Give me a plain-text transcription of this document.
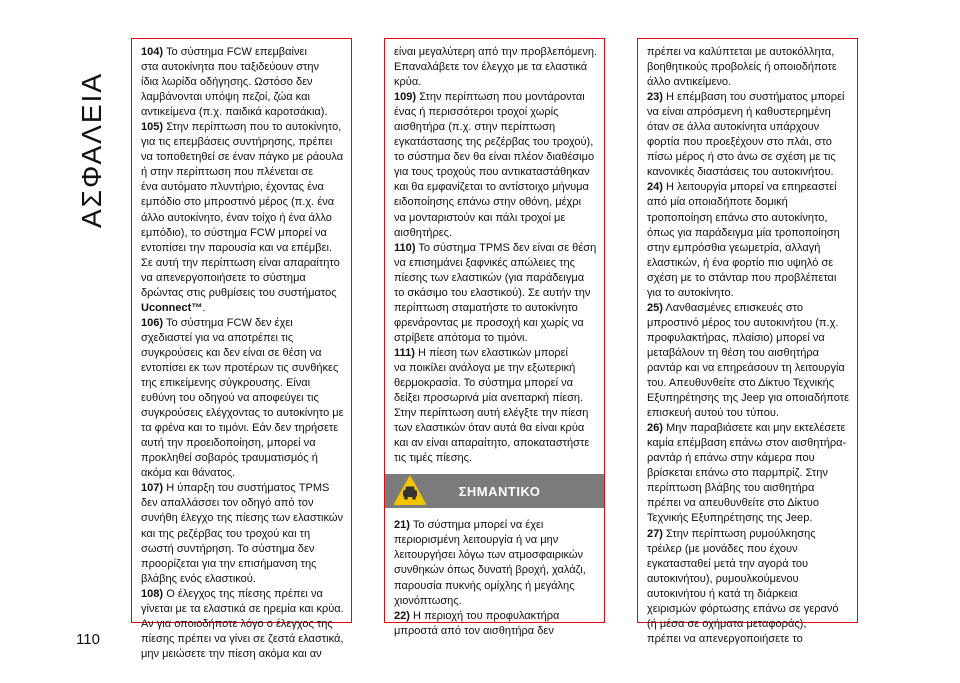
ΑΣΦΑΛΕΙΑ

104) Το σύστημα FCW επεμβαίνει

στα αυτοκίνητα που ταξιδεύουν στην

ίδια λωρίδα οδήγησης. Ωστόσο δεν

λαμβάνονται υπόψη πεζοί, ζώα και

αντικείμενα (π.χ. παιδικά καροτσάκια).

105) Στην περίπτωση που το αυτοκίνητο,

για τις επεμβάσεις συντήρησης, πρέπει

να τοποθετηθεί σε έναν πάγκο με ράουλα

ή στην περίπτωση που πλένεται σε

ένα αυτόματο πλυντήριο, έχοντας ένα

εμπόδιο στο μπροστινό μέρος (π.χ. ένα

άλλο αυτοκίνητο, έναν τοίχο ή ένα άλλο

εμπόδιο), το σύστημα FCW μπορεί να

εντοπίσει την παρουσία και να επέμβει.

Σε αυτή την περίπτωση είναι απαραίτητο

να απενεργοποιήσετε το σύστημα

δρώντας στις ρυθμίσεις του συστήματος

Uconnect™.

106) Το σύστημα FCW δεν έχει

σχεδιαστεί για να αποτρέπει τις

συγκρούσεις και δεν είναι σε θέση να

εντοπίσει εκ των προτέρων τις συνθήκες

της επικείμενης σύγκρουσης. Είναι

ευθύνη του οδηγού να αποφεύγει τις

συγκρούσεις ελέγχοντας το αυτοκίνητο με

τα φρένα και το τιμόνι. Εάν δεν τηρήσετε

αυτή την προειδοποίηση, μπορεί να

προκληθεί σοβαρός τραυματισμός ή

ακόμα και θάνατος.

107) Η ύπαρξη του συστήματος TPMS

δεν απαλλάσσει τον οδηγό από τον

συνήθη έλεγχο της πίεσης των ελαστικών

και της ρεζέρβας του τροχού και τη

σωστή συντήρηση. Το σύστημα δεν

προορίζεται για την επισήμανση της

βλάβης ενός ελαστικού.

108) Ο έλεγχος της πίεσης πρέπει να

γίνεται με τα ελαστικά σε ηρεμία και κρύα.

Αν για οποιοδήποτε λόγο ο έλεγχος της

πίεσης πρέπει να γίνει σε ζεστά ελαστικά,

μην μειώσετε την πίεση ακόμα και αν

είναι μεγαλύτερη από την προβλεπόμενη.

Επαναλάβετε τον έλεγχο με τα ελαστικά

κρύα.

109) Στην περίπτωση που μοντάρονται

ένας ή περισσότεροι τροχοί χωρίς

αισθητήρα (π.χ. στην περίπτωση

εγκατάστασης της ρεζέρβας του τροχού),

το σύστημα δεν θα είναι πλέον διαθέσιμο

για τους τροχούς που αντικαταστάθηκαν

και θα εμφανίζεται το αντίστοιχο μήνυμα

ειδοποίησης επάνω στην οθόνη, μέχρι

να μονταριστούν και πάλι τροχοί με

αισθητήρες.

110) Το σύστημα TPMS δεν είναι σε θέση

να επισημάνει ξαφνικές απώλειες της

πίεσης των ελαστικών (για παράδειγμα

το σκάσιμο του ελαστικού). Σε αυτήν την

περίπτωση σταματήστε το αυτοκίνητο

φρενάροντας με προσοχή και χωρίς να

στρίβετε απότομα το τιμόνι.

111) Η πίεση των ελαστικών μπορεί

να ποικίλει ανάλογα με την εξωτερική

θερμοκρασία. Το σύστημα μπορεί να

δείξει προσωρινά μία ανεπαρκή πίεση.

Στην περίπτωση αυτή ελέγξτε την πίεση

των ελαστικών όταν αυτά θα είναι κρύα

και αν είναι απαραίτητο, αποκαταστήστε

τις τιμές πίεσης.

ΣΗΜΑΝΤΙΚΟ

21) Το σύστημα μπορεί να έχει

περιορισμένη λειτουργία ή να μην

λειτουργήσει λόγω των ατμοσφαιρικών

συνθηκών όπως δυνατή βροχή, χαλάζι,

παρουσία πυκνής ομίχλης ή μεγάλης

χιονόπτωσης.

22) Η περιοχή του προφυλακτήρα

μπροστά από τον αισθητήρα δεν

πρέπει να καλύπτεται με αυτοκόλλητα,

βοηθητικούς προβολείς ή οποιοδήποτε

άλλο αντικείμενο.

23) Η επέμβαση του συστήματος μπορεί

να είναι απρόσμενη ή καθυστερημένη

όταν σε άλλα αυτοκίνητα υπάρχουν

φορτία που προεξέχουν στο πλάι, στο

πίσω μέρος ή στο άνω σε σχέση με τις

κανονικές διαστάσεις του αυτοκινήτου.

24) Η λειτουργία μπορεί να επηρεαστεί

από μία οποιαδήποτε δομική

τροποποίηση επάνω στο αυτοκίνητο,

όπως για παράδειγμα μία τροποποίηση

στην εμπρόσθια γεωμετρία, αλλαγή

ελαστικών, ή ένα φορτίο πιο υψηλό σε

σχέση με το στάνταρ που προβλέπεται

για το αυτοκίνητο.

25) Λανθασμένες επισκευές στο

μπροστινό μέρος του αυτοκινήτου (π.χ.

προφυλακτήρας, πλαίσιο) μπορεί να

μεταβάλουν τη θέση του αισθητήρα

ραντάρ και να επηρεάσουν τη λειτουργία

του. Απευθυνθείτε στο Δίκτυο Τεχνικής

Εξυπηρέτησης της Jeep για οποιαδήποτε

επισκευή αυτού του τύπου.

26) Μην παραβιάσετε και μην εκτελέσετε

καμία επέμβαση επάνω στον αισθητήρα-

ραντάρ ή επάνω στην κάμερα που

βρίσκεται επάνω στο παρμπρίζ. Στην

περίπτωση βλάβης του αισθητήρα

πρέπει να απευθυνθείτε στο Δίκτυο

Τεχνικής Εξυπηρέτησης της Jeep.

27) Στην περίπτωση ρυμούλκησης

τρέιλερ (με μονάδες που έχουν

εγκατασταθεί μετά την αγορά του

αυτοκινήτου), ρυμουλκούμενου

αυτοκινήτου ή κατά τη διάρκεια

χειρισμών φόρτωσης επάνω σε γερανό

(ή μέσα σε οχήματα μεταφοράς),

πρέπει να απενεργοποιήσετε το

110
